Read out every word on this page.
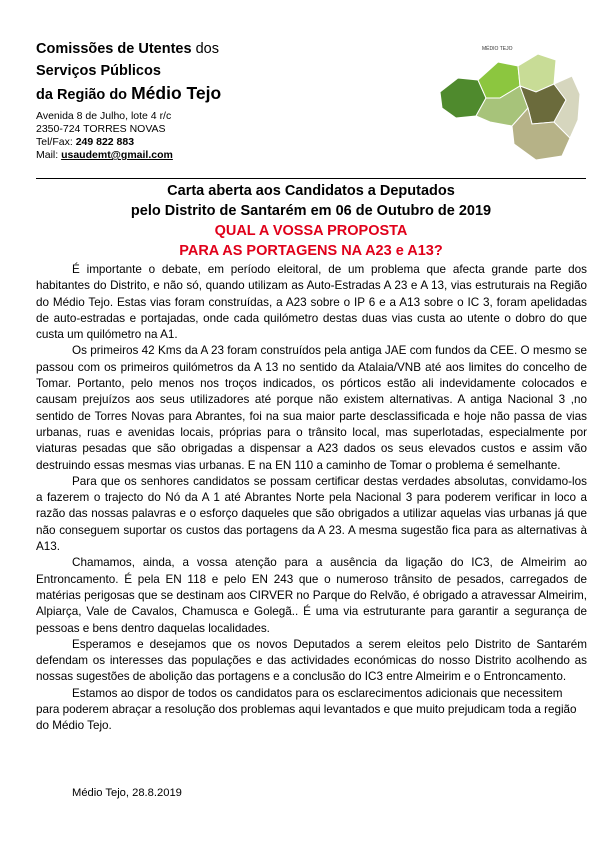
Comissões de Utentes dos
Serviços Públicos
da Região do Médio Tejo
Avenida 8 de Julho, lote 4 r/c
2350-724 TORRES NOVAS
Tel/Fax: 249 822 883
Mail: usaudemt@gmail.com
MÉDIO TEJO
Carta aberta aos Candidatos a Deputados
pelo Distrito de Santarém em 06 de Outubro de 2019
QUAL A VOSSA PROPOSTA
PARA AS PORTAGENS NA A23 e A13?

É importante o debate, em período eleitoral, de um problema que afecta grande parte dos habitantes do Distrito, e não só, quando utilizam as Auto-Estradas A 23 e A 13, vias estruturais na Região do Médio Tejo. Estas vias foram construídas, a A23 sobre o IP 6 e a A13 sobre o IC 3, foram apelidadas de auto-estradas e portajadas, onde cada quilómetro destas duas vias custa ao utente o dobro do que custa um quilómetro na A1.

Os primeiros 42 Kms da A 23 foram construídos pela antiga JAE com fundos da CEE. O mesmo se passou com os primeiros quilómetros da A 13 no sentido da Atalaia/VNB até aos limites do concelho de Tomar. Portanto, pelo menos nos troços indicados, os pórticos estão ali indevidamente colocados e causam prejuízos aos seus utilizadores até porque não existem alternativas. A antiga Nacional 3 ,no sentido de Torres Novas para Abrantes, foi na sua maior parte desclassificada e hoje não passa de vias urbanas, ruas e avenidas locais, próprias para o trânsito local, mas superlotadas, especialmente por viaturas pesadas que são obrigadas a dispensar a A23 dados os seus elevados custos e assim vão destruindo essas mesmas vias urbanas. E na EN 110 a caminho de Tomar o problema é semelhante.

Para que os senhores candidatos se possam certificar destas verdades absolutas, convidamo-los a fazerem o trajecto do Nó da A 1 até Abrantes Norte pela Nacional 3 para poderem verificar in loco a razão das nossas palavras e o esforço daqueles que são obrigados a utilizar aquelas vias urbanas já que não conseguem suportar os custos das portagens da A 23. A mesma sugestão fica para as alternativas à A13.

Chamamos, ainda, a vossa atenção para a ausência da ligação do IC3, de Almeirim ao Entroncamento. É pela EN 118 e pelo EN 243 que o numeroso trânsito de pesados, carregados de matérias perigosas que se destinam aos CIRVER no Parque do Relvão, é obrigado a atravessar Almeirim, Alpiarça, Vale de Cavalos, Chamusca e Golegã.. É uma via estruturante para garantir a segurança de pessoas e bens dentro daquelas localidades.

Esperamos e desejamos que os novos Deputados a serem eleitos pelo Distrito de Santarém defendam os interesses das populações e das actividades económicas do nosso Distrito acolhendo as nossas sugestões de abolição das portagens e a conclusão do IC3 entre Almeirim e o Entroncamento.

Estamos ao dispor de todos os candidatos para os esclarecimentos adicionais que necessitem para poderem abraçar a resolução dos problemas aqui levantados e que muito prejudicam toda a região do Médio Tejo.

Médio Tejo, 28.8.2019
